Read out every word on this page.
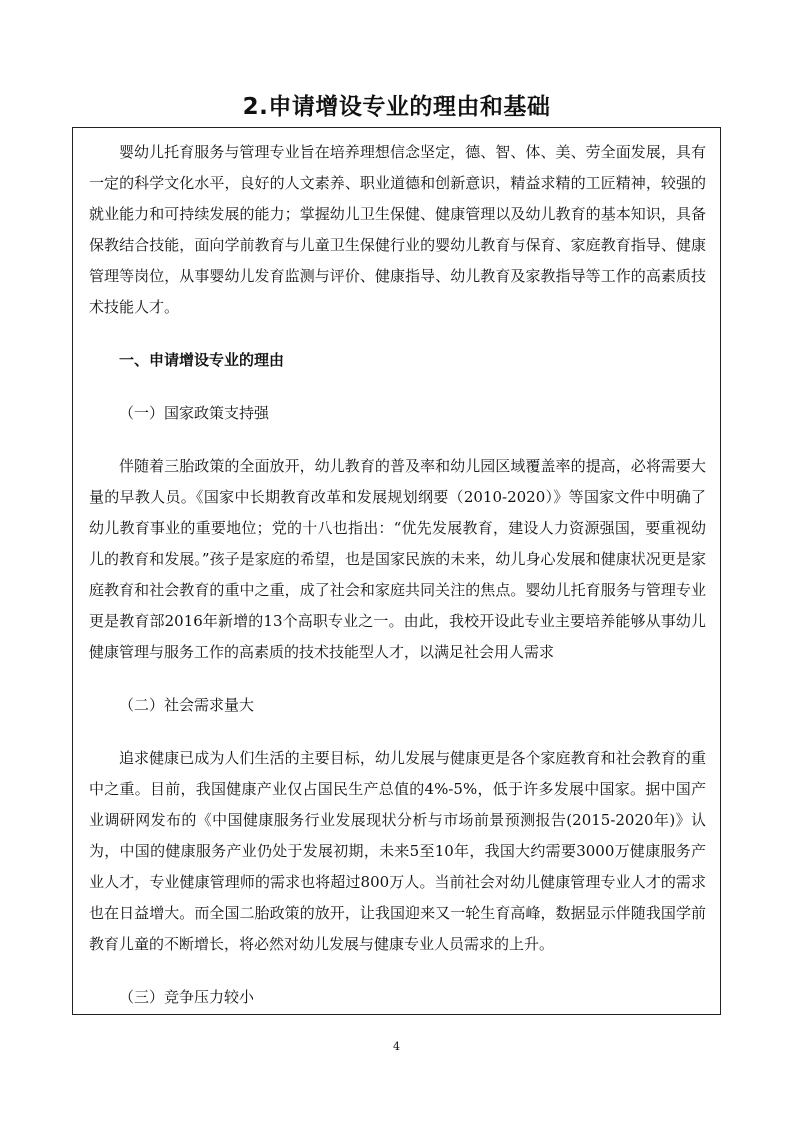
2.申请增设专业的理由和基础

婴幼儿托育服务与管理专业旨在培养理想信念坚定，德、智、体、美、劳全面发展，具有一定的科学文化水平，良好的人文素养、职业道德和创新意识，精益求精的工匠精神，较强的就业能力和可持续发展的能力；掌握幼儿卫生保健、健康管理以及幼儿教育的基本知识，具备保教结合技能，面向学前教育与儿童卫生保健行业的婴幼儿教育与保育、家庭教育指导、健康管理等岗位，从事婴幼儿发育监测与评价、健康指导、幼儿教育及家教指导等工作的高素质技术技能人才。

一、申请增设专业的理由

（一）国家政策支持强

伴随着三胎政策的全面放开，幼儿教育的普及率和幼儿园区域覆盖率的提高，必将需要大量的早教人员。《国家中长期教育改革和发展规划纲要（2010-2020）》等国家文件中明确了幼儿教育事业的重要地位；党的十八也指出：“优先发展教育，建设人力资源强国，要重视幼儿的教育和发展。”孩子是家庭的希望，也是国家民族的未来，幼儿身心发展和健康状况更是家庭教育和社会教育的重中之重，成了社会和家庭共同关注的焦点。婴幼儿托育服务与管理专业更是教育部2016年新增的13个高职专业之一。由此，我校开设此专业主要培养能够从事幼儿健康管理与服务工作的高素质的技术技能型人才，以满足社会用人需求

（二）社会需求量大

追求健康已成为人们生活的主要目标，幼儿发展与健康更是各个家庭教育和社会教育的重中之重。目前，我国健康产业仅占国民生产总值的4%-5%，低于许多发展中国家。据中国产业调研网发布的《中国健康服务行业发展现状分析与市场前景预测报告(2015-2020年)》认为，中国的健康服务产业仍处于发展初期，未来5至10年，我国大约需要3000万健康服务产业人才，专业健康管理师的需求也将超过800万人。当前社会对幼儿健康管理专业人才的需求也在日益增大。而全国二胎政策的放开，让我国迎来又一轮生育高峰，数据显示伴随我国学前教育儿童的不断增长，将必然对幼儿发展与健康专业人员需求的上升。

（三）竞争压力较小

4
